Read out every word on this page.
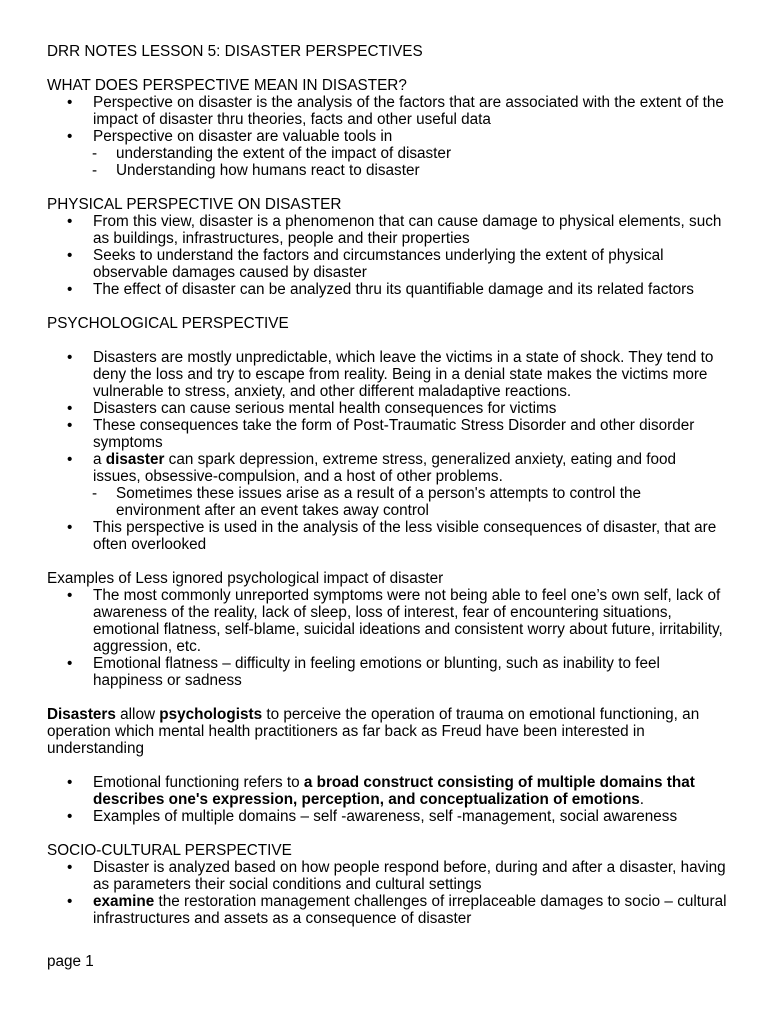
DRR NOTES LESSON 5: DISASTER PERSPECTIVES
WHAT DOES PERSPECTIVE MEAN IN DISASTER?
• Perspective on disaster is the analysis of the factors that are associated with the extent of the impact of disaster thru theories, facts and other useful data
• Perspective on disaster are valuable tools in
- understanding the extent of the impact of disaster
- Understanding how humans react to disaster
PHYSICAL PERSPECTIVE ON DISASTER
• From this view, disaster is a phenomenon that can cause damage to physical elements, such as buildings, infrastructures, people and their properties
• Seeks to understand the factors and circumstances underlying the extent of physical observable damages caused by disaster
• The effect of disaster can be analyzed thru its quantifiable damage and its related factors
PSYCHOLOGICAL PERSPECTIVE
• Disasters are mostly unpredictable, which leave the victims in a state of shock. They tend to deny the loss and try to escape from reality. Being in a denial state makes the victims more vulnerable to stress, anxiety, and other different maladaptive reactions.
• Disasters can cause serious mental health consequences for victims
• These consequences take the form of Post-Traumatic Stress Disorder and other disorder symptoms
• a disaster can spark depression, extreme stress, generalized anxiety, eating and food issues, obsessive-compulsion, and a host of other problems.
- Sometimes these issues arise as a result of a person's attempts to control the environment after an event takes away control
• This perspective is used in the analysis of the less visible consequences of disaster, that are often overlooked
Examples of Less ignored psychological impact of disaster
• The most commonly unreported symptoms were not being able to feel one’s own self, lack of awareness of the reality, lack of sleep, loss of interest, fear of encountering situations, emotional flatness, self-blame, suicidal ideations and consistent worry about future, irritability, aggression, etc.
• Emotional flatness – difficulty in feeling emotions or blunting, such as inability to feel happiness or sadness
Disasters allow psychologists to perceive the operation of trauma on emotional functioning, an operation which mental health practitioners as far back as Freud have been interested in understanding
• Emotional functioning refers to a broad construct consisting of multiple domains that describes one's expression, perception, and conceptualization of emotions.
• Examples of multiple domains – self -awareness, self -management, social awareness
SOCIO-CULTURAL PERSPECTIVE
• Disaster is analyzed based on how people respond before, during and after a disaster, having as parameters their social conditions and cultural settings
• examine the restoration management challenges of irreplaceable damages to socio – cultural infrastructures and assets as a consequence of disaster
page 1
